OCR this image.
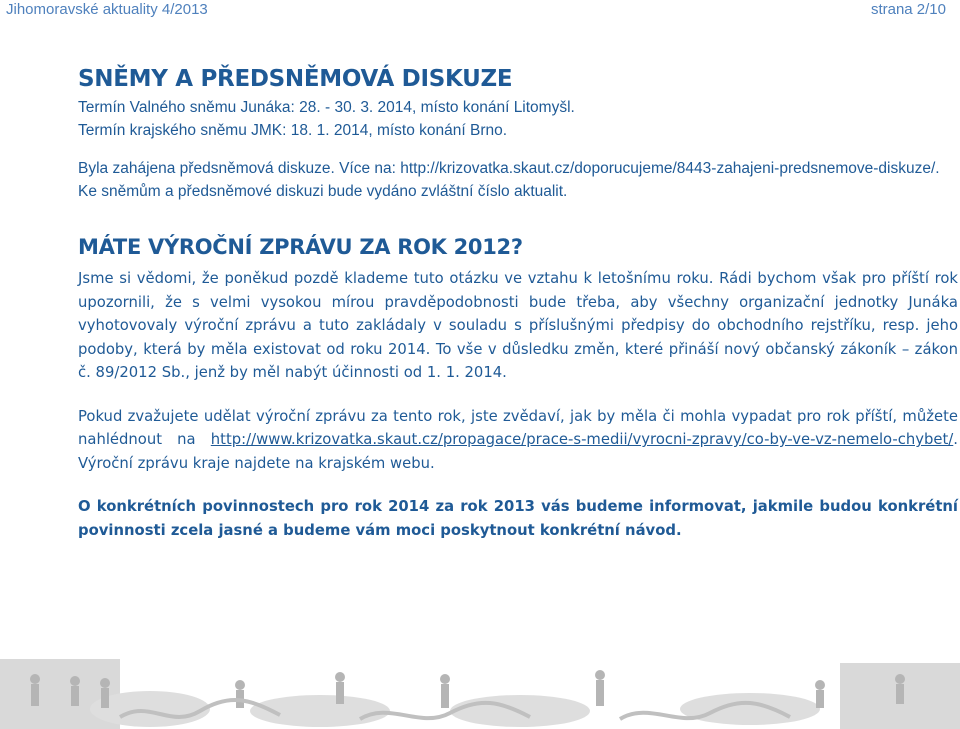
Jihomoravské aktuality 4/2013	strana 2/10
SNĚMY A PŘEDSNĚMOVÁ DISKUZE
Termín Valného sněmu Junáka: 28. - 30. 3. 2014, místo konání Litomyšl.
Termín krajského sněmu JMK: 18. 1. 2014, místo konání Brno.
Byla zahájena předsněmová diskuze. Více na: http://krizovatka.skaut.cz/doporucujeme/8443-zahajeni-predsnemove-diskuze/. Ke sněmům a předsněmové diskuzi bude vydáno zvláštní číslo aktualit.
MÁTE VÝROČNÍ ZPRÁVU ZA ROK 2012?
Jsme si vědomi, že poněkud pozdě klademe tuto otázku ve vztahu k letošnímu roku. Rádi bychom však pro příští rok upozornili, že s velmi vysokou mírou pravděpodobnosti bude třeba, aby všechny organizační jednotky Junáka vyhotovovaly výroční zprávu a tuto zakládaly v souladu s příslušnými předpisy do obchodního rejstříku, resp. jeho podoby, která by měla existovat od roku 2014. To vše v důsledku změn, které přináší nový občanský zákoník – zákon č. 89/2012 Sb., jenž by měl nabýt účinnosti od 1. 1. 2014.
Pokud zvažujete udělat výroční zprávu za tento rok, jste zvědaví, jak by měla či mohla vypadat pro rok příští, můžete nahlédnout na http://www.krizovatka.skaut.cz/propagace/prace-s-medii/vyrocni-zpravy/co-by-ve-vz-nemelo-chybet/. Výroční zprávu kraje najdete na krajském webu.
O konkrétních povinnostech pro rok 2014 za rok 2013 vás budeme informovat, jakmile budou konkrétní povinnosti zcela jasné a budeme vám moci poskytnout konkrétní návod.
